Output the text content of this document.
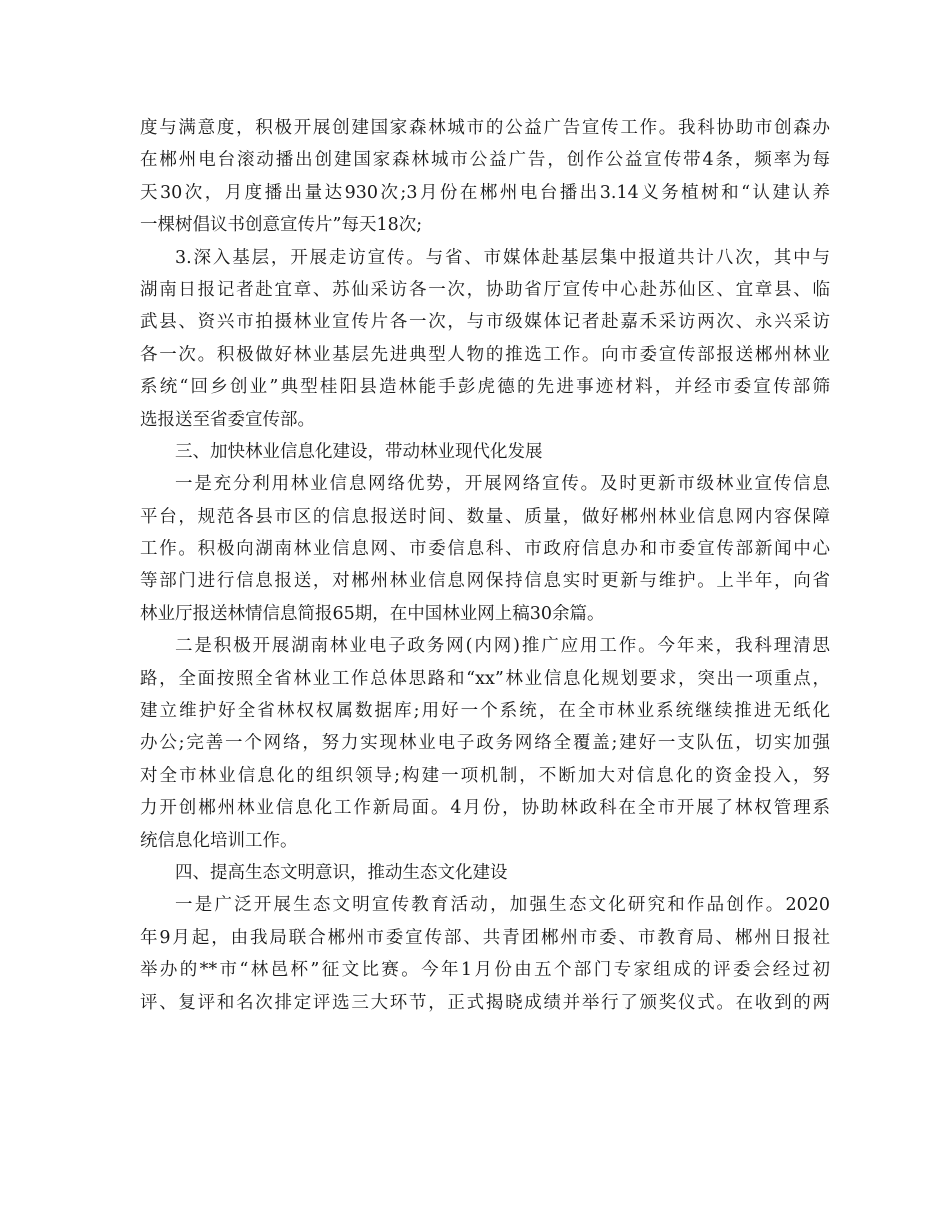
度与满意度，积极开展创建国家森林城市的公益广告宣传工作。我科协助市创森办
在郴州电台滚动播出创建国家森林城市公益广告，创作公益宣传带4条，频率为每
天30次，月度播出量达930次;3月份在郴州电台播出3.14义务植树和“认建认养
一棵树倡议书创意宣传片”每天18次;
3.深入基层，开展走访宣传。与省、市媒体赴基层集中报道共计八次，其中与
湖南日报记者赴宜章、苏仙采访各一次，协助省厅宣传中心赴苏仙区、宜章县、临
武县、资兴市拍摄林业宣传片各一次，与市级媒体记者赴嘉禾采访两次、永兴采访
各一次。积极做好林业基层先进典型人物的推选工作。向市委宣传部报送郴州林业
系统“回乡创业”典型桂阳县造林能手彭虎德的先进事迹材料，并经市委宣传部筛
选报送至省委宣传部。
三、加快林业信息化建设，带动林业现代化发展
一是充分利用林业信息网络优势，开展网络宣传。及时更新市级林业宣传信息
平台，规范各县市区的信息报送时间、数量、质量，做好郴州林业信息网内容保障
工作。积极向湖南林业信息网、市委信息科、市政府信息办和市委宣传部新闻中心
等部门进行信息报送，对郴州林业信息网保持信息实时更新与维护。上半年，向省
林业厅报送林情信息简报65期，在中国林业网上稿30余篇。
二是积极开展湖南林业电子政务网(内网)推广应用工作。今年来，我科理清思
路，全面按照全省林业工作总体思路和“xx”林业信息化规划要求，突出一项重点，
建立维护好全省林权权属数据库;用好一个系统，在全市林业系统继续推进无纸化
办公;完善一个网络，努力实现林业电子政务网络全覆盖;建好一支队伍，切实加强
对全市林业信息化的组织领导;构建一项机制，不断加大对信息化的资金投入，努
力开创郴州林业信息化工作新局面。4月份，协助林政科在全市开展了林权管理系
统信息化培训工作。
四、提高生态文明意识，推动生态文化建设
一是广泛开展生态文明宣传教育活动，加强生态文化研究和作品创作。2020
年9月起，由我局联合郴州市委宣传部、共青团郴州市委、市教育局、郴州日报社
举办的**市“林邑杯”征文比赛。今年1月份由五个部门专家组成的评委会经过初
评、复评和名次排定评选三大环节，正式揭晓成绩并举行了颁奖仪式。在收到的两
